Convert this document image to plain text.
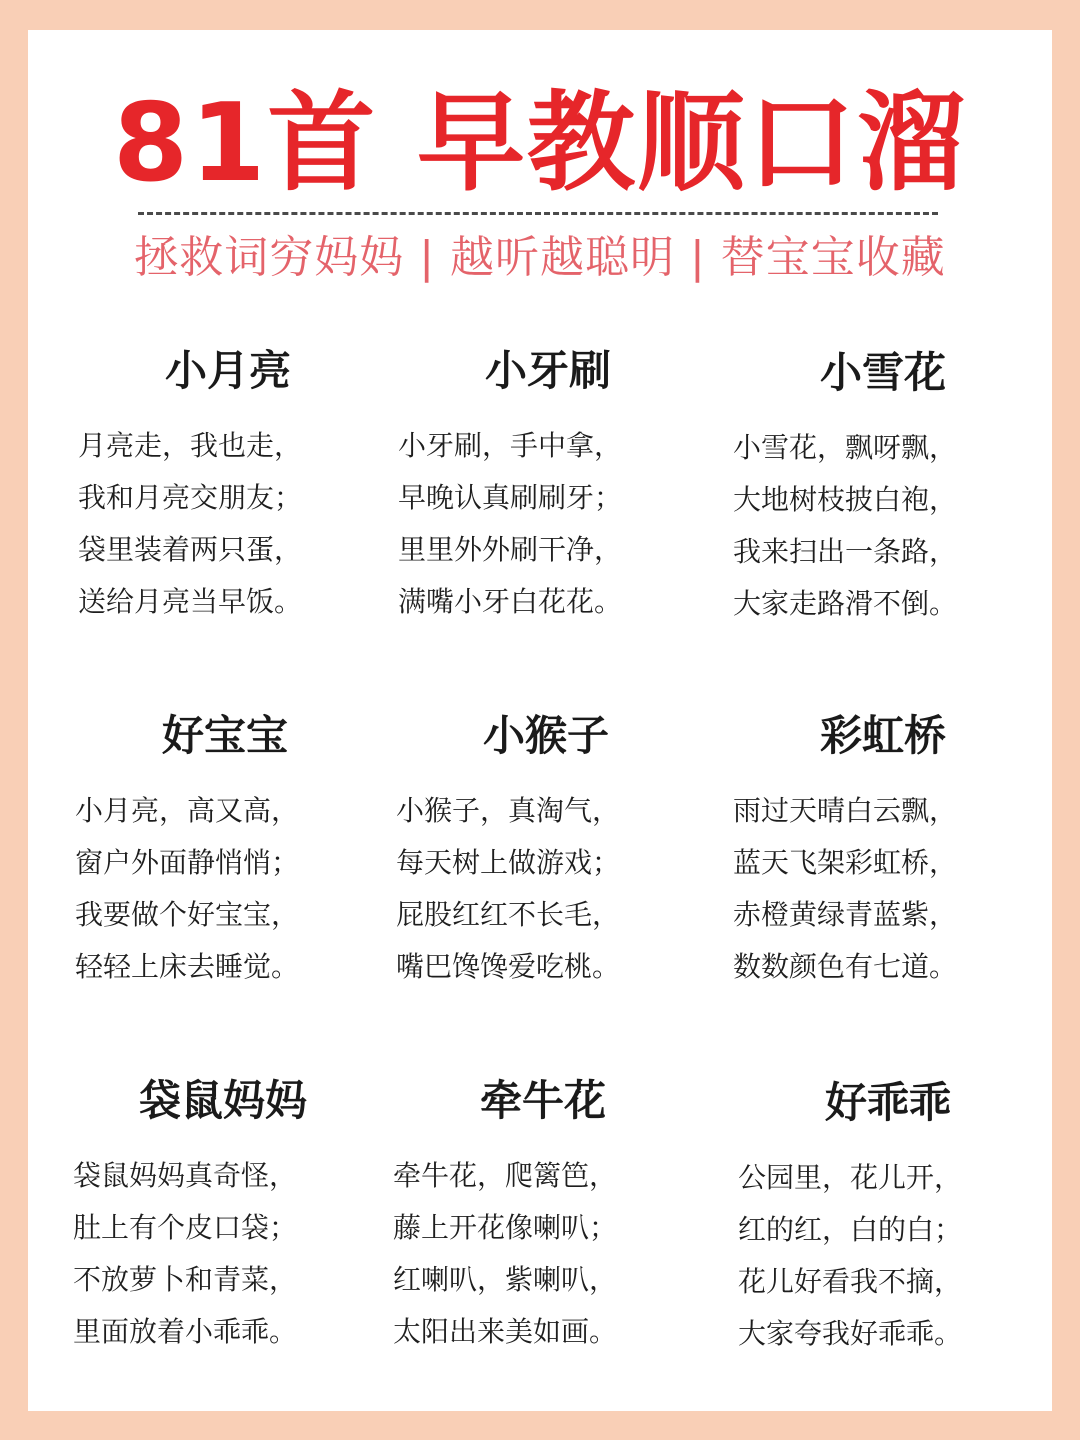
81首 早教顺口溜
拯救词穷妈妈 | 越听越聪明 | 替宝宝收藏
小月亮
月亮走，我也走，
我和月亮交朋友；
袋里装着两只蛋，
送给月亮当早饭。
小牙刷
小牙刷，手中拿，
早晚认真刷刷牙；
里里外外刷干净，
满嘴小牙白花花。
小雪花
小雪花，飘呀飘，
大地树枝披白袍，
我来扫出一条路，
大家走路滑不倒。
好宝宝
小月亮，高又高，
窗户外面静悄悄；
我要做个好宝宝，
轻轻上床去睡觉。
小猴子
小猴子，真淘气，
每天树上做游戏；
屁股红红不长毛，
嘴巴馋馋爱吃桃。
彩虹桥
雨过天晴白云飘，
蓝天飞架彩虹桥，
赤橙黄绿青蓝紫，
数数颜色有七道。
袋鼠妈妈
袋鼠妈妈真奇怪，
肚上有个皮口袋；
不放萝卜和青菜，
里面放着小乖乖。
牵牛花
牵牛花，爬篱笆，
藤上开花像喇叭；
红喇叭，紫喇叭，
太阳出来美如画。
好乖乖
公园里，花儿开，
红的红，白的白；
花儿好看我不摘，
大家夸我好乖乖。
